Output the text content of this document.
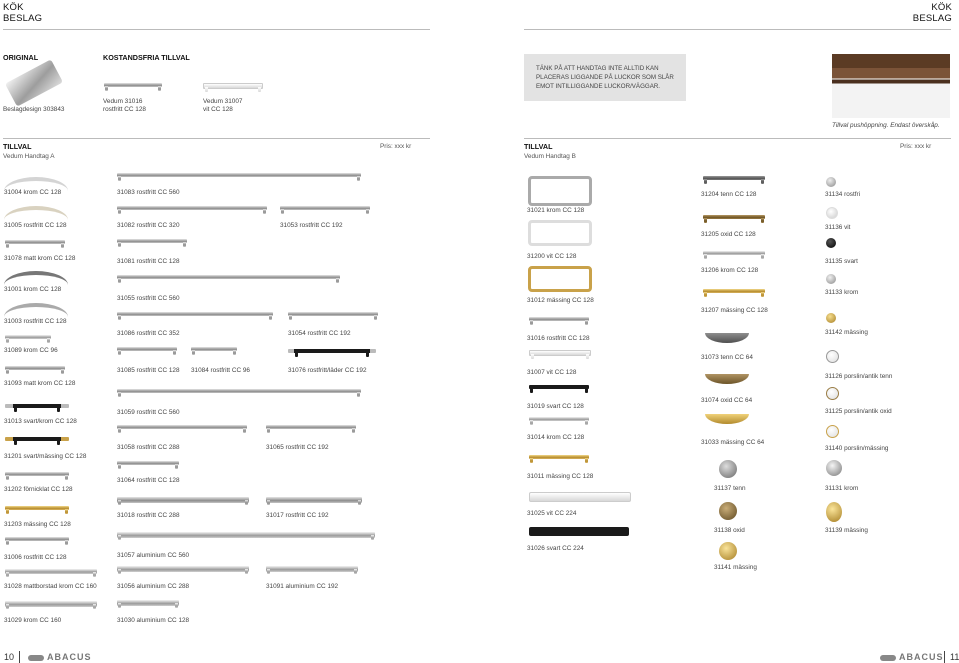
KÖK
BESLAG
KÖK
BESLAG
ORIGINAL
Beslagdesign 303843
KOSTANDSFRIA TILLVAL
Vedum 31016
rostfritt CC 128
Vedum 31007
vit CC 128
TÄNK PÅ ATT HANDTAG INTE ALLTID KAN PLACERAS LIGGANDE PÅ LUCKOR SOM SLÅR EMOT INTILLIGGANDE LUCKOR/VÄGGAR.
Tillval pushöppning. Endast överskåp.
TILLVAL
Vedum Handtag A
Pris: xxx kr	TILLVAL
Vedum Handtag B
Pris: xxx kr
31004 krom CC 128
31005 rostfritt CC 128
31078 matt krom CC 128
31001 krom CC 128
31003 rostfritt CC 128
31089 krom CC 96
31093 matt krom CC 128
31013 svart/krom CC 128
31201 svart/mässing CC 128
31202 förnicklat CC 128
31203 mässing CC 128
31006 rostfritt CC 128
31028 mattborstad krom CC 160
31029 krom CC 160
31083 rostfritt CC 560
31082 rostfritt CC 320	31053 rostfritt CC 192
31081 rostfritt CC 128
31055 rostfritt CC 560
31086 rostfritt CC 352	31054 rostfritt CC 192
31085 rostfritt CC 128 31084 rostfritt CC 96	31076 rostfritt/läder CC 192
31059 rostfritt CC 560
31058 rostfritt CC 288	31065 rostfritt CC 192
31064 rostfritt CC 128
31018 rostfritt CC 288	31017 rostfritt CC 192
31057 aluminium CC 560
31056 aluminium CC 288	31091 aluminium CC 192
31030 aluminium CC 128
31021 krom CC 128
31200 vit CC 128
31012 mässing CC 128
31016 rostfritt CC 128
31007 vit CC 128
31019 svart CC 128
31014 krom CC 128
31011 mässing CC 128
31025 vit CC 224
31026 svart CC 224
31204 tenn CC 128
31205 oxid CC 128
31206 krom CC 128
31207 mässing CC 128
31073 tenn CC 64
31074 oxid CC 64
31033 mässing CC 64
31137 tenn
31138 oxid
31141 mässing
31134 rostfri
31136 vit
31135 svart
31133 krom
31142 mässing
31126 porslin/antik tenn
31125 porslin/antik oxid
31140 porslin/mässing
31131 krom
31139 mässing
10	ABACUS	ABACUS 11
